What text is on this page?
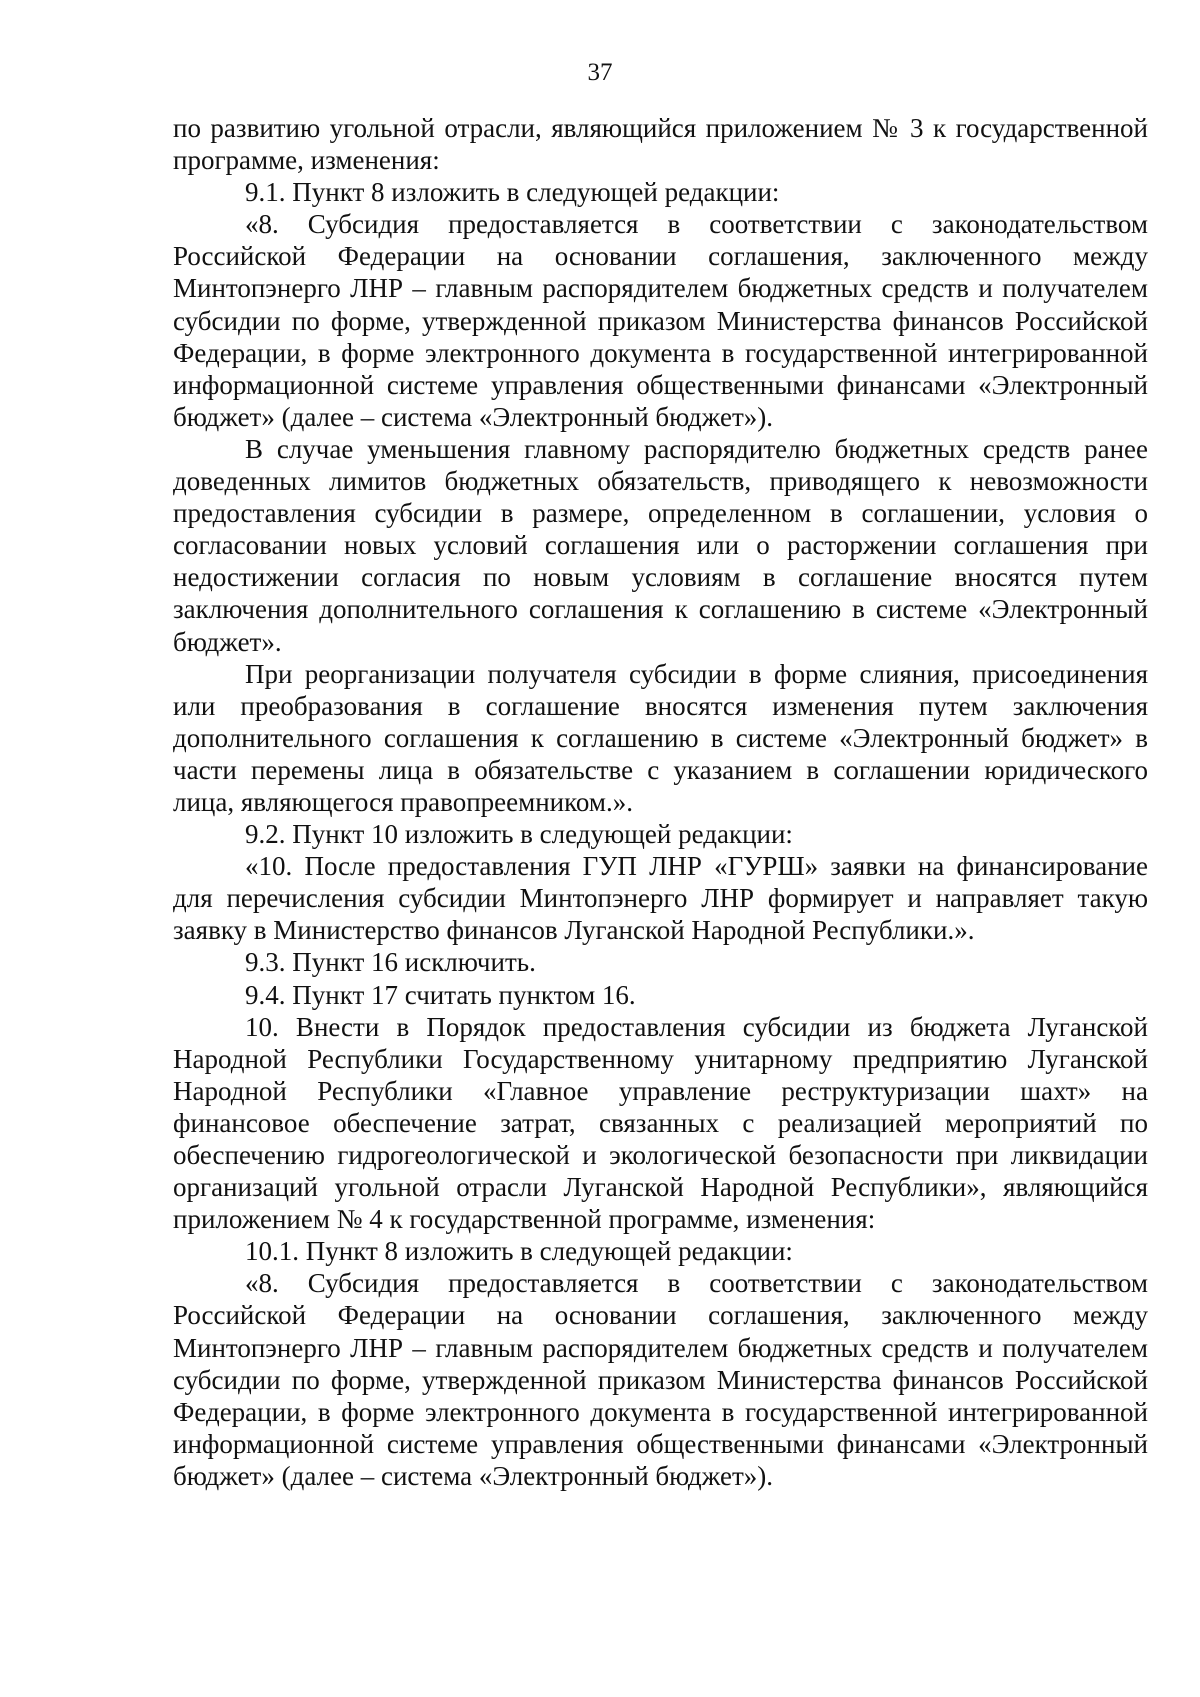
37

по развитию угольной отрасли, являющийся приложением № 3 к государственной программе, изменения:

9.1. Пункт 8 изложить в следующей редакции:

«8. Субсидия предоставляется в соответствии с законодательством Российской Федерации на основании соглашения, заключенного между Минтопэнерго ЛНР – главным распорядителем бюджетных средств и получателем субсидии по форме, утвержденной приказом Министерства финансов Российской Федерации, в форме электронного документа в государственной интегрированной информационной системе управления общественными финансами «Электронный бюджет» (далее – система «Электронный бюджет»).

В случае уменьшения главному распорядителю бюджетных средств ранее доведенных лимитов бюджетных обязательств, приводящего к невозможности предоставления субсидии в размере, определенном в соглашении, условия о согласовании новых условий соглашения или о расторжении соглашения при недостижении согласия по новым условиям в соглашение вносятся путем заключения дополнительного соглашения к соглашению в системе «Электронный бюджет».

При реорганизации получателя субсидии в форме слияния, присоединения или преобразования в соглашение вносятся изменения путем заключения дополнительного соглашения к соглашению в системе «Электронный бюджет» в части перемены лица в обязательстве с указанием в соглашении юридического лица, являющегося правопреемником.».

9.2. Пункт 10 изложить в следующей редакции:

«10. После предоставления ГУП ЛНР «ГУРШ» заявки на финансирование для перечисления субсидии Минтопэнерго ЛНР формирует и направляет такую заявку в Министерство финансов Луганской Народной Республики.».

9.3. Пункт 16 исключить.

9.4. Пункт 17 считать пунктом 16.

10. Внести в Порядок предоставления субсидии из бюджета Луганской Народной Республики Государственному унитарному предприятию Луганской Народной Республики «Главное управление реструктуризации шахт» на финансовое обеспечение затрат, связанных с реализацией мероприятий по обеспечению гидрогеологической и экологической безопасности при ликвидации организаций угольной отрасли Луганской Народной Республики», являющийся приложением № 4 к государственной программе, изменения:

10.1. Пункт 8 изложить в следующей редакции:

«8. Субсидия предоставляется в соответствии с законодательством Российской Федерации на основании соглашения, заключенного между Минтопэнерго ЛНР – главным распорядителем бюджетных средств и получателем субсидии по форме, утвержденной приказом Министерства финансов Российской Федерации, в форме электронного документа в государственной интегрированной информационной системе управления общественными финансами «Электронный бюджет» (далее – система «Электронный бюджет»).
